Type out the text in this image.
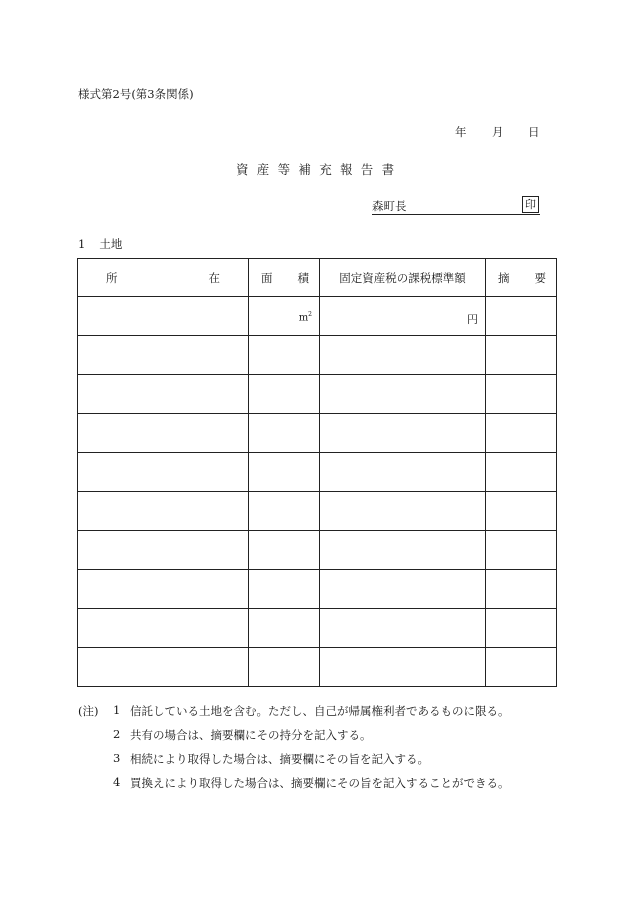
様式第2号(第3条関係)
年 月 日
資産等補充報告書
森町長	印
1 土地
所 在	面 積	固定資産税の課税標準額	摘 要

	$m^2$	円	

(注) 1 信託している土地を含む。ただし、自己が帰属権利者であるものに限る。
2 共有の場合は、摘要欄にその持分を記入する。
3 相続により取得した場合は、摘要欄にその旨を記入する。
4 買換えにより取得した場合は、摘要欄にその旨を記入することができる。
